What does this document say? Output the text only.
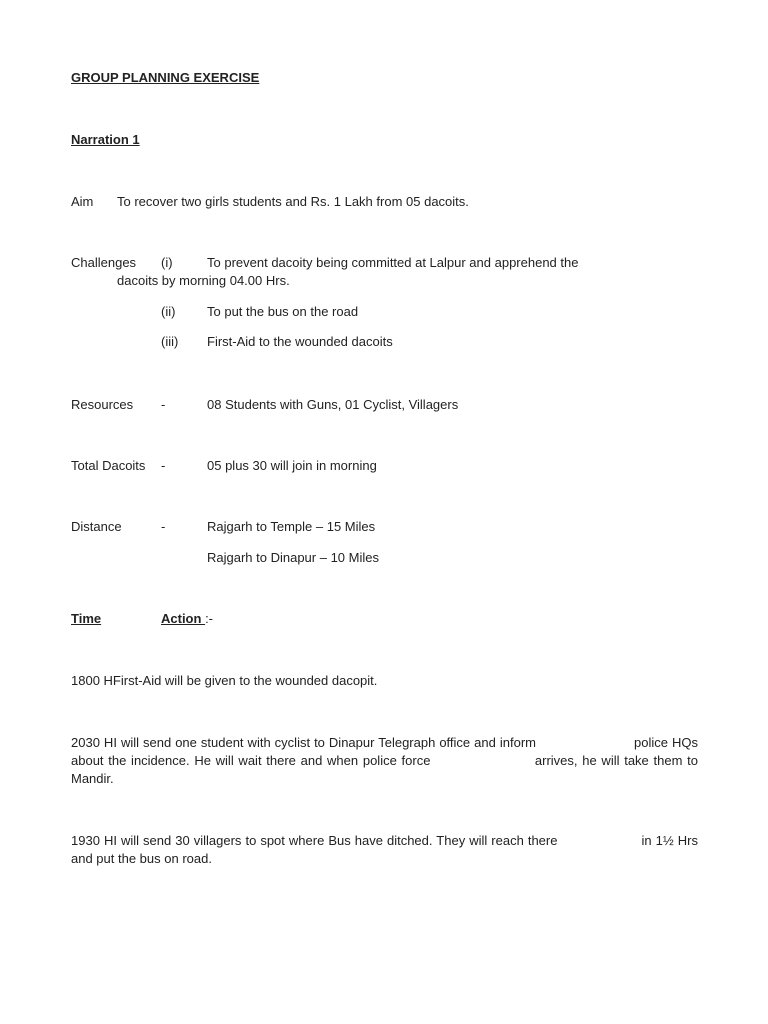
GROUP PLANNING EXERCISE
Narration 1
Aim To recover two girls students and Rs. 1 Lakh from 05 dacoits.
Challenges (i)	To prevent dacoity being committed at Lalpur and apprehend the
dacoits by morning 04.00 Hrs.
(ii) To put the bus on the road
(iii) First-Aid to the wounded dacoits
Resources -	08 Students with Guns, 01 Cyclist, Villagers
Total Dacoits -	05 plus 30 will join in morning
Distance	-	Rajgarh to Temple – 15 Miles
Rajgarh to Dinapur – 10 Miles
Time	Action :-
1800 HFirst-Aid will be given to the wounded dacopit.
2030 HI will send one student with cyclist to Dinapur Telegraph office and inform	police HQs about the incidence. He will wait there and when police force	arrives, he will take them to Mandir.
1930 HI will send 30 villagers to spot where Bus have ditched. They will reach there	in 1½ Hrs and put the bus on road.
